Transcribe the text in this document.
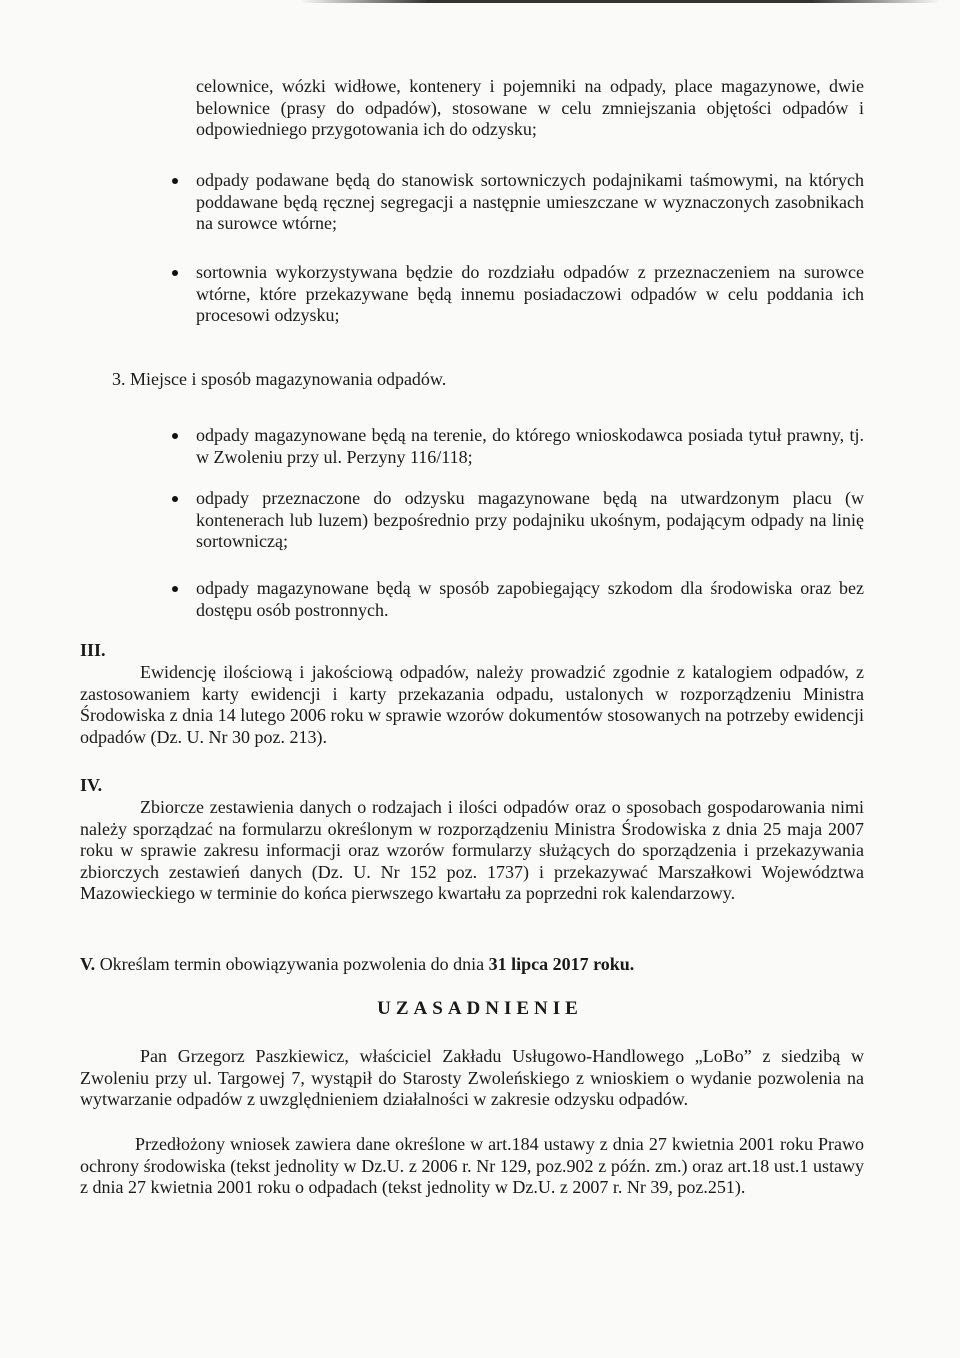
celownice, wózki widłowe, kontenery i pojemniki na odpady, place magazynowe, dwie belownice (prasy do odpadów), stosowane w celu zmniejszania objętości odpadów i odpowiedniego przygotowania ich do odzysku;

odpady podawane będą do stanowisk sortowniczych podajnikami taśmowymi, na których poddawane będą ręcznej segregacji a następnie umieszczane w wyznaczonych zasobnikach na surowce wtórne;

sortownia wykorzystywana będzie do rozdziału odpadów z przeznaczeniem na surowce wtórne, które przekazywane będą innemu posiadaczowi odpadów w celu poddania ich procesowi odzysku;

3. Miejsce i sposób magazynowania odpadów.

odpady magazynowane będą na terenie, do którego wnioskodawca posiada tytuł prawny, tj. w Zwoleniu przy ul. Perzyny 116/118;

odpady przeznaczone do odzysku magazynowane będą na utwardzonym placu (w kontenerach lub luzem) bezpośrednio przy podajniku ukośnym, podającym odpady na linię sortowniczą;

odpady magazynowane będą w sposób zapobiegający szkodom dla środowiska oraz bez dostępu osób postronnych.

III.

Ewidencję ilościową i jakościową odpadów, należy prowadzić zgodnie z katalogiem odpadów, z zastosowaniem karty ewidencji i karty przekazania odpadu, ustalonych w rozporządzeniu Ministra Środowiska z dnia 14 lutego 2006 roku w sprawie wzorów dokumentów stosowanych na potrzeby ewidencji odpadów (Dz. U. Nr 30 poz. 213).

IV.

Zbiorcze zestawienia danych o rodzajach i ilości odpadów oraz o sposobach gospodarowania nimi należy sporządzać na formularzu określonym w rozporządzeniu Ministra Środowiska z dnia 25 maja 2007 roku w sprawie zakresu informacji oraz wzorów formularzy służących do sporządzenia i przekazywania zbiorczych zestawień danych (Dz. U. Nr 152 poz. 1737) i przekazywać Marszałkowi Województwa Mazowieckiego w terminie do końca pierwszego kwartału za poprzedni rok kalendarzowy.

V. Określam termin obowiązywania pozwolenia do dnia 31 lipca 2017 roku.

UZASADNIENIE

Pan Grzegorz Paszkiewicz, właściciel Zakładu Usługowo-Handlowego „LoBo” z siedzibą w Zwoleniu przy ul. Targowej 7, wystąpił do Starosty Zwoleńskiego z wnioskiem o wydanie pozwolenia na wytwarzanie odpadów z uwzględnieniem działalności w zakresie odzysku odpadów.

Przedłożony wniosek zawiera dane określone w art.184 ustawy z dnia 27 kwietnia 2001 roku Prawo ochrony środowiska (tekst jednolity w Dz.U. z 2006 r. Nr 129, poz.902 z późn. zm.) oraz art.18 ust.1 ustawy z dnia 27 kwietnia 2001 roku o odpadach (tekst jednolity w Dz.U. z 2007 r. Nr 39, poz.251).
